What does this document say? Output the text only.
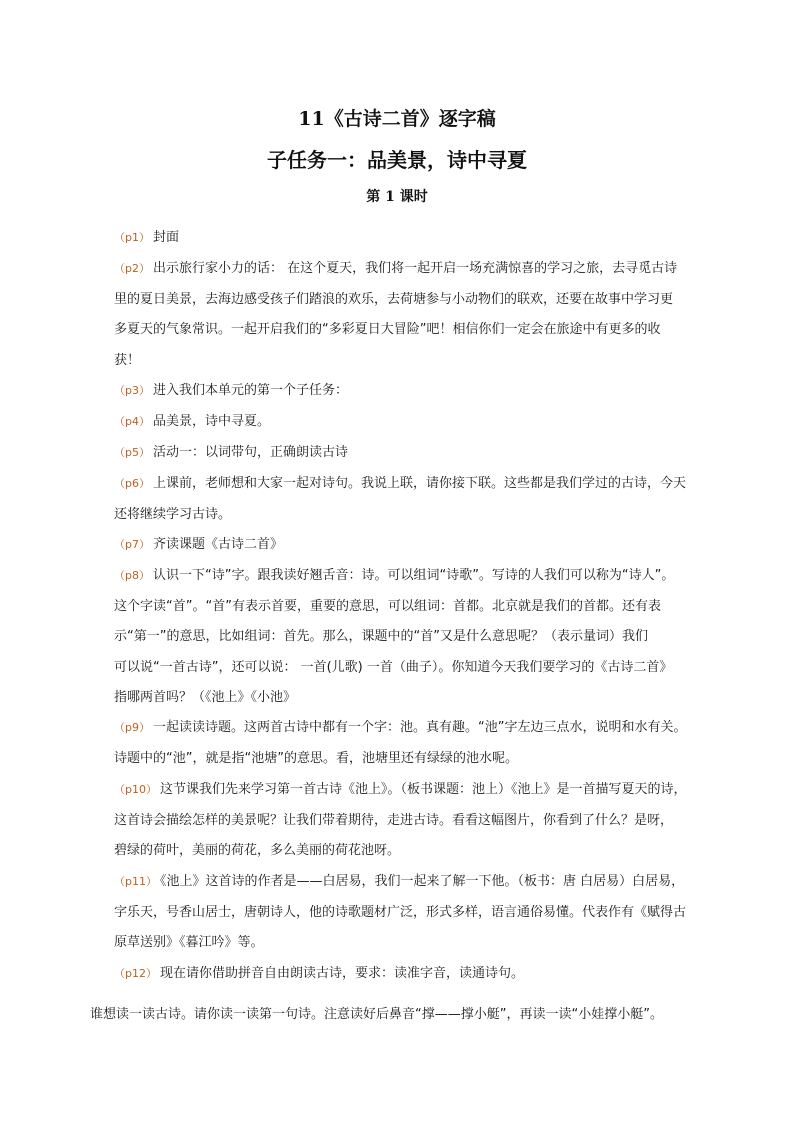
11《古诗二首》逐字稿
子任务一：品美景，诗中寻夏
第 1 课时
（p1） 封面
（p2） 出示旅行家小力的话： 在这个夏天，我们将一起开启一场充满惊喜的学习之旅，去寻觅古诗
里的夏日美景，去海边感受孩子们踏浪的欢乐，去荷塘参与小动物们的联欢，还要在故事中学习更
多夏天的气象常识。一起开启我们的“多彩夏日大冒险”吧！相信你们一定会在旅途中有更多的收
获！
（p3） 进入我们本单元的第一个子任务：
（p4） 品美景，诗中寻夏。
（p5） 活动一：以词带句，正确朗读古诗
（p6） 上课前，老师想和大家一起对诗句。我说上联，请你接下联。这些都是我们学过的古诗，今天
还将继续学习古诗。
（p7） 齐读课题《古诗二首》
（p8） 认识一下“诗”字。跟我读好翘舌音：诗。可以组词“诗歌”。写诗的人我们可以称为“诗人”。
这个字读“首”。“首”有表示首要，重要的意思，可以组词：首都。北京就是我们的首都。还有表
示“第一”的意思，比如组词：首先。那么，课题中的“首”又是什么意思呢？（表示量词）我们
可以说“一首古诗”，还可以说： 一首(儿歌) 一首（曲子）。你知道今天我们要学习的《古诗二首》
指哪两首吗？（《池上》《小池》
（p9） 一起读读诗题。这两首古诗中都有一个字：池。真有趣。“池”字左边三点水，说明和水有关。
诗题中的“池”，就是指“池塘”的意思。看，池塘里还有绿绿的池水呢。
（p10） 这节课我们先来学习第一首古诗《池上》。（板书课题：池上）《池上》是一首描写夏天的诗，
这首诗会描绘怎样的美景呢？让我们带着期待，走进古诗。看看这幅图片，你看到了什么？是呀，
碧绿的荷叶，美丽的荷花，多么美丽的荷花池呀。
（p11） 《池上》这首诗的作者是——白居易，我们一起来了解一下他。（板书：唐 白居易）白居易，
字乐天，号香山居士，唐朝诗人，他的诗歌题材广泛，形式多样，语言通俗易懂。代表作有《赋得古
原草送别》《暮江吟》等。
（p12） 现在请你借助拼音自由朗读古诗，要求：读准字音，读通诗句。
谁想读一读古诗。请你读一读第一句诗。注意读好后鼻音“撑——撑小艇”，再读一读“小娃撑小艇”。
